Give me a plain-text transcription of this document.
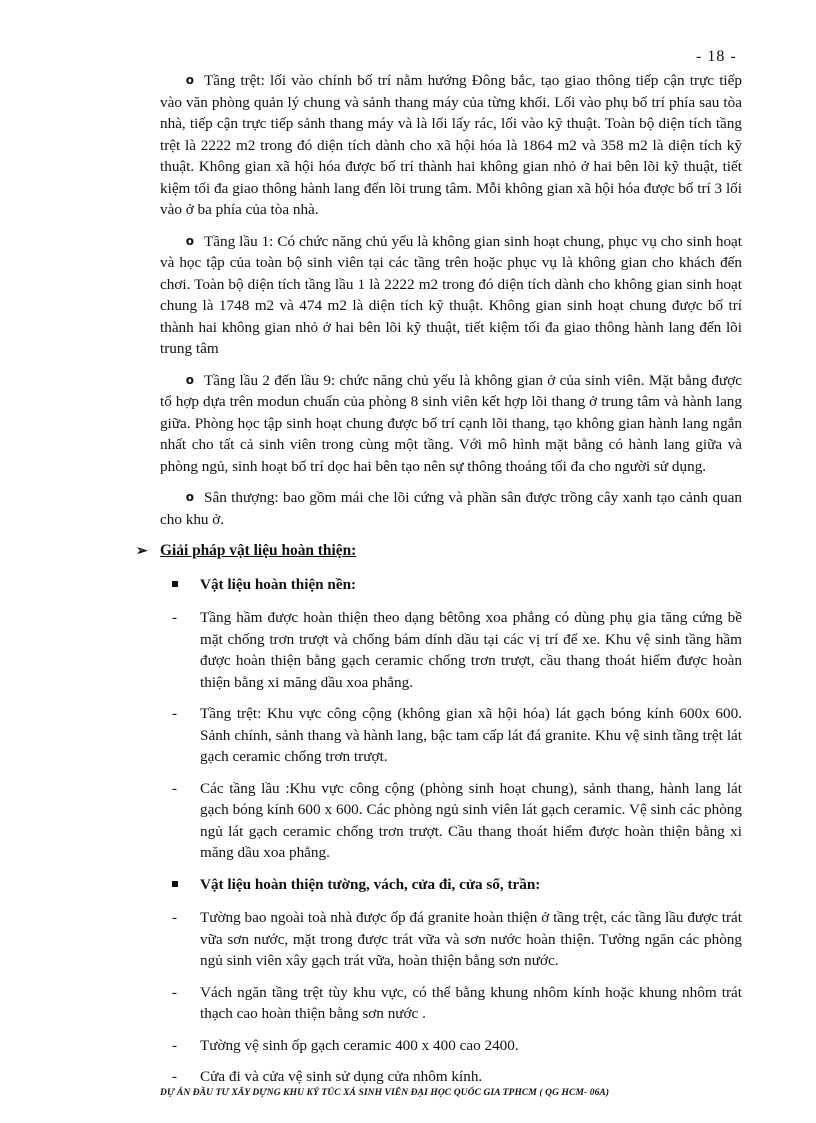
- 18 -

o Tầng trệt: lối vào chính bố trí nằm hướng Đông bắc, tạo giao thông tiếp cận trực tiếp vào văn phòng quản lý chung và sảnh thang máy của từng khối. Lối vào phụ bố trí phía sau tòa nhà, tiếp cận trực tiếp sảnh thang máy và là lối lấy rác, lối vào kỹ thuật. Toàn bộ diện tích tầng trệt là 2222 m2 trong đó diện tích dành cho xã hội hóa là 1864 m2 và 358 m2 là diện tích kỹ thuật. Không gian xã hội hóa được bố trí thành hai không gian nhỏ ở hai bên lõi kỹ thuật, tiết kiệm tối đa giao thông hành lang đến lõi trung tâm. Mỗi không gian xã hội hóa được bố trí 3 lối vào ở ba phía của tòa nhà.

o Tầng lầu 1: Có chức năng chủ yếu là không gian sinh hoạt chung, phục vụ cho sinh hoạt và học tập của toàn bộ sinh viên tại các tầng trên hoặc phục vụ là không gian cho khách đến chơi. Toàn bộ diện tích tầng lầu 1 là 2222 m2 trong đó diện tích dành cho không gian sinh hoạt chung là 1748 m2 và 474 m2 là diện tích kỹ thuật. Không gian sinh hoạt chung được bố trí thành hai không gian nhỏ ở hai bên lõi kỹ thuật, tiết kiệm tối đa giao thông hành lang đến lõi trung tâm

o Tầng lầu 2 đến lầu 9: chức năng chủ yếu là không gian ở của sinh viên. Mặt bằng được tổ hợp dựa trên modun chuẩn của phòng 8 sinh viên kết hợp lõi thang ở trung tâm và hành lang giữa. Phòng học tập sinh hoạt chung được bố trí cạnh lõi thang, tạo không gian hành lang ngắn nhất cho tất cả sinh viên trong cùng một tầng. Với mô hình mặt bằng có hành lang giữa và phòng ngủ, sinh hoạt bố trí dọc hai bên tạo nên sự thông thoáng tối đa cho người sử dụng.

o Sân thượng: bao gồm mái che lõi cứng và phần sân được trồng cây xanh tạo cảnh quan cho khu ở.

➢ Giải pháp vật liệu hoàn thiện:
Vật liệu hoàn thiện nền:
- Tầng hầm được hoàn thiện theo dạng bêtông xoa phẳng có dùng phụ gia tăng cứng bề mặt chống trơn trượt và chống bám dính dầu tại các vị trí để xe. Khu vệ sinh tầng hầm được hoàn thiện bằng gạch ceramic chống trơn trượt, cầu thang thoát hiểm được hoàn thiện bằng xi măng dầu xoa phẳng.
- Tầng trệt: Khu vực công cộng (không gian xã hội hóa) lát gạch bóng kính 600x 600. Sảnh chính, sảnh thang và hành lang, bậc tam cấp lát đá granite. Khu vệ sinh tầng trệt lát gạch ceramic chống trơn trượt.
- Các tầng lầu :Khu vực công cộng (phòng sinh hoạt chung), sảnh thang, hành lang lát gạch bóng kính 600 x 600. Các phòng ngủ sinh viên lát gạch ceramic. Vệ sinh các phòng ngủ lát gạch ceramic chống trơn trượt. Cầu thang thoát hiểm được hoàn thiện bằng xi măng dầu xoa phẳng.
Vật liệu hoàn thiện tường, vách, cửa đi, cửa sổ, trần:
- Tường bao ngoài toà nhà được ốp đá granite hoàn thiện ở tầng trệt, các tầng lầu được trát vữa sơn nước, mặt trong được trát vữa và sơn nước hoàn thiện. Tường ngăn các phòng ngủ sinh viên xây gạch trát vữa, hoàn thiện bằng sơn nước.
- Vách ngăn tầng trệt tùy khu vực, có thể bằng khung nhôm kính hoặc khung nhôm trát thạch cao hoàn thiện bằng sơn nước .
- Tường vệ sinh ốp gạch ceramic 400 x 400 cao 2400.
- Cửa đi và cửa vệ sinh sử dụng cửa nhôm kính.
DỰ ÁN ĐẦU TƯ XÂY DỰNG KHU KÝ TÚC XÁ SINH VIÊN ĐẠI HỌC QUỐC GIA TPHCM ( QG HCM- 06A)
